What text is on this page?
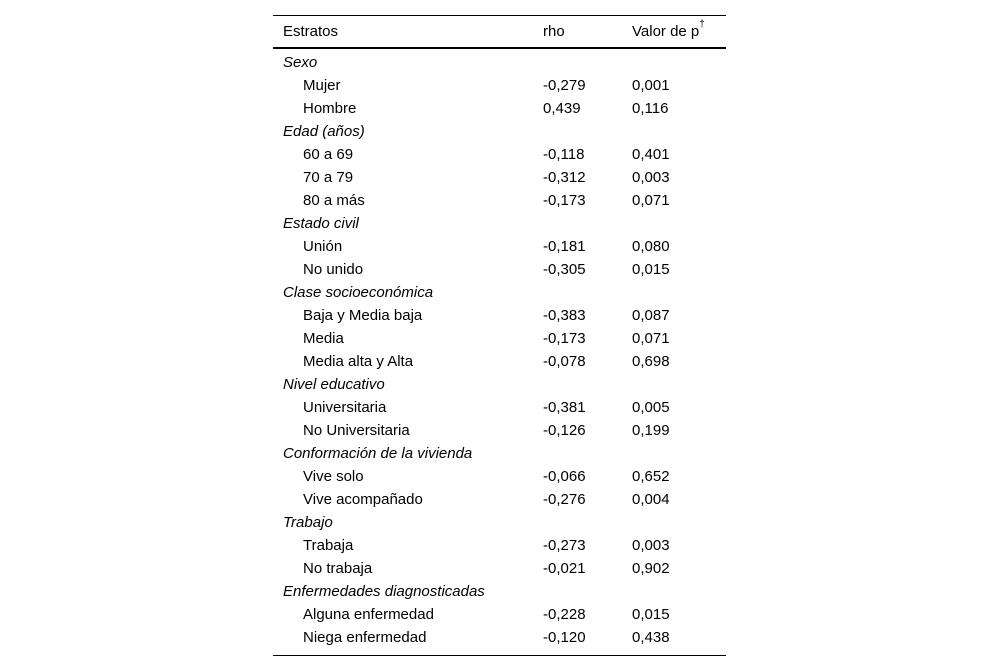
Estratos	rho	Valor de p†
Sexo
Mujer	-0,279	0,001
Hombre	0,439	0,116
Edad (años)
60 a 69	-0,118	0,401
70 a 79	-0,312	0,003
80 a más	-0,173	0,071
Estado civil
Unión	-0,181	0,080
No unido	-0,305	0,015
Clase socioeconómica
Baja y Media baja	-0,383	0,087
Media	-0,173	0,071
Media alta y Alta	-0,078	0,698
Nivel educativo
Universitaria	-0,381	0,005
No Universitaria	-0,126	0,199
Conformación de la vivienda
Vive solo	-0,066	0,652
Vive acompañado	-0,276	0,004
Trabajo
Trabaja	-0,273	0,003
No trabaja	-0,021	0,902
Enfermedades diagnosticadas
Alguna enfermedad	-0,228	0,015
Niega enfermedad	-0,120	0,438
